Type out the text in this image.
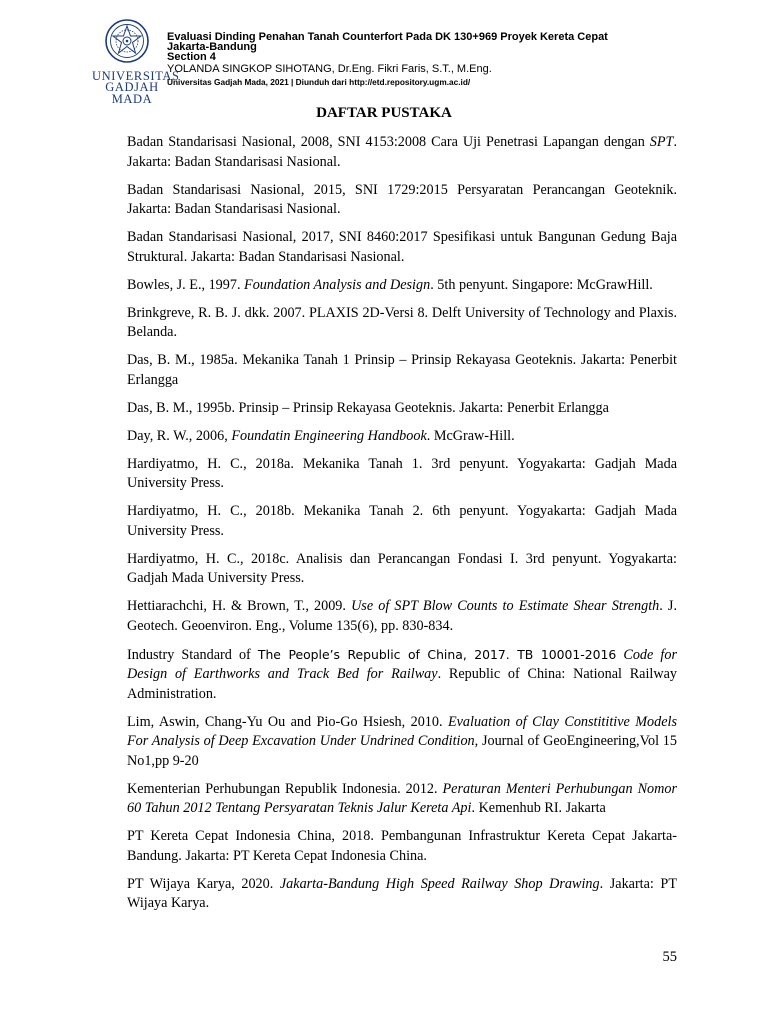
UNIVERSITAS
GADJAH MADA
Evaluasi Dinding Penahan Tanah Counterfort Pada DK 130+969 Proyek Kereta Cepat
Jakarta-Bandung
Section 4
YOLANDA SINGKOP SIHOTANG, Dr.Eng. Fikri Faris, S.T., M.Eng.
Universitas Gadjah Mada, 2021 | Diunduh dari http://etd.repository.ugm.ac.id/
DAFTAR PUSTAKA

Badan Standarisasi Nasional, 2008, SNI 4153:2008 Cara Uji Penetrasi Lapangan dengan SPT. Jakarta: Badan Standarisasi Nasional.

Badan Standarisasi Nasional, 2015, SNI 1729:2015 Persyaratan Perancangan Geoteknik. Jakarta: Badan Standarisasi Nasional.

Badan Standarisasi Nasional, 2017, SNI 8460:2017 Spesifikasi untuk Bangunan Gedung Baja Struktural. Jakarta: Badan Standarisasi Nasional.

Bowles, J. E., 1997. Foundation Analysis and Design. 5th penyunt. Singapore: McGrawHill.

Brinkgreve, R. B. J. dkk. 2007. PLAXIS 2D-Versi 8. Delft University of Technology and Plaxis. Belanda.

Das, B. M., 1985a. Mekanika Tanah 1 Prinsip – Prinsip Rekayasa Geoteknis. Jakarta: Penerbit Erlangga

Das, B. M., 1995b. Prinsip – Prinsip Rekayasa Geoteknis. Jakarta: Penerbit Erlangga

Day, R. W., 2006, Foundatin Engineering Handbook. McGraw-Hill.

Hardiyatmo, H. C., 2018a. Mekanika Tanah 1. 3rd penyunt. Yogyakarta: Gadjah Mada University Press.

Hardiyatmo, H. C., 2018b. Mekanika Tanah 2. 6th penyunt. Yogyakarta: Gadjah Mada University Press.

Hardiyatmo, H. C., 2018c. Analisis dan Perancangan Fondasi I. 3rd penyunt. Yogyakarta: Gadjah Mada University Press.

Hettiarachchi, H. & Brown, T., 2009. Use of SPT Blow Counts to Estimate Shear Strength. J. Geotech. Geoenviron. Eng., Volume 135(6), pp. 830-834.

Industry Standard of The People’s Republic of China, 2017. TB 10001-2016 Code for Design of Earthworks and Track Bed for Railway. Republic of China: National Railway Administration.

Lim, Aswin, Chang-Yu Ou and Pio-Go Hsiesh, 2010. Evaluation of Clay Constititive Models For Analysis of Deep Excavation Under Undrined Condition, Journal of GeoEngineering,Vol 15 No1,pp 9-20

Kementerian Perhubungan Republik Indonesia. 2012. Peraturan Menteri Perhubungan Nomor 60 Tahun 2012 Tentang Persyaratan Teknis Jalur Kereta Api. Kemenhub RI. Jakarta

PT Kereta Cepat Indonesia China, 2018. Pembangunan Infrastruktur Kereta Cepat Jakarta-Bandung. Jakarta: PT Kereta Cepat Indonesia China.

PT Wijaya Karya, 2020. Jakarta-Bandung High Speed Railway Shop Drawing. Jakarta: PT Wijaya Karya.

55
